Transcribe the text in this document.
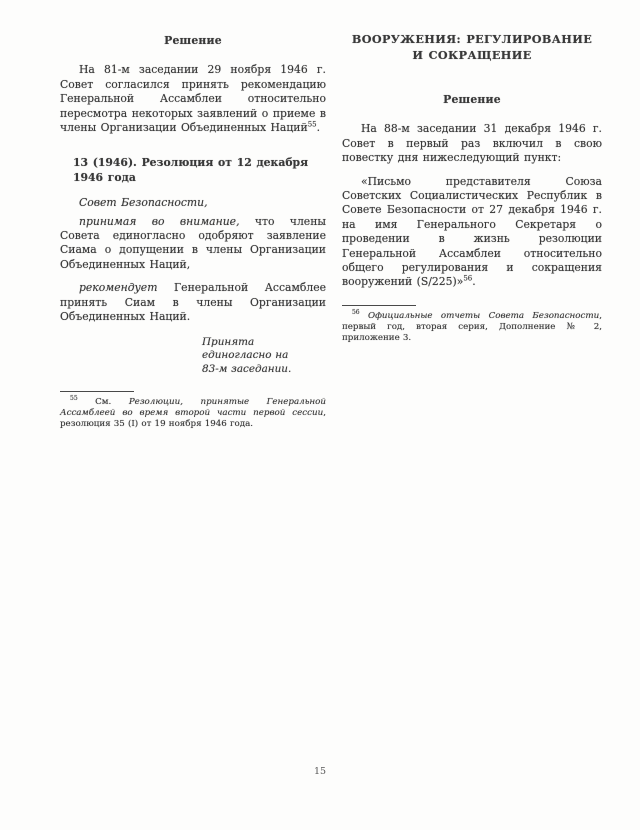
Решение

На 81-м заседании 29 ноября 1946 г. Совет согласился принять рекомендацию Генеральной Ассамблеи относительно пересмотра некоторых заявлений о приеме в члены Организации Объединенных Наций$^{55}$.

13 (1946). Резолюция от 12 декабря 1946 года

Совет Безопасности,

принимая во внимание, что члены Совета единогласно одобряют заявление Сиама о допущении в члены Организации Объединенных Наций,

рекомендует Генеральной Ассамблее принять Сиам в члены Организации Объединенных Наций.

Принята единогласно на
83-м заседании.
$^{55}$ См. Резолюции, принятые Генеральной Ассамблеей во время второй части первой сессии, резолюция 35 (I) от 19 ноября 1946 года.
ВООРУЖЕНИЯ: РЕГУЛИРОВАНИЕ
И СОКРАЩЕНИЕ
Решение

На 88-м заседании 31 декабря 1946 г. Совет в первый раз включил в свою повестку дня нижеследующий пункт:

«Письмо представителя Союза Советских Социалистических Республик в Совете Безопасности от 27 декабря 1946 г. на имя Генерального Секретаря о проведении в жизнь резолюции Генеральной Ассамблеи относительно общего регулирования и сокращения вооружений (S/225)»$^{56}$.

$^{56}$ Официальные отчеты Совета Безопасности, первый год, вторая серия, Дополнение № 2, приложение 3.
15
